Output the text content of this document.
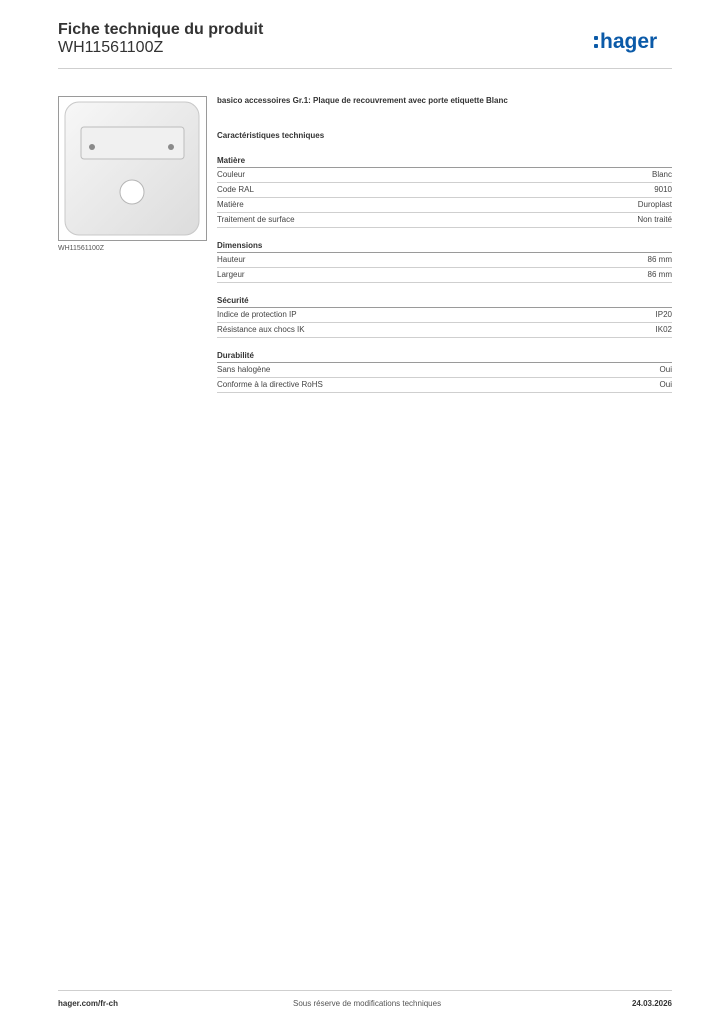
Fiche technique du produit
WH11561100Z	hager
WH11561100Z
basico accessoires Gr.1: Plaque de recouvrement avec porte etiquette Blanc
Caractéristiques techniques
Matière
Couleur	Blanc
Code RAL	9010
Matière	Duroplast
Traitement de surface	Non traité
Dimensions
Hauteur	86 mm
Largeur	86 mm
Sécurité
Indice de protection IP	IP20
Résistance aux chocs IK	IK02
Durabilité
Sans halogène	Oui
Conforme à la directive RoHS	Oui
hager.com/fr-ch	Sous réserve de modifications techniques	24.03.2026
